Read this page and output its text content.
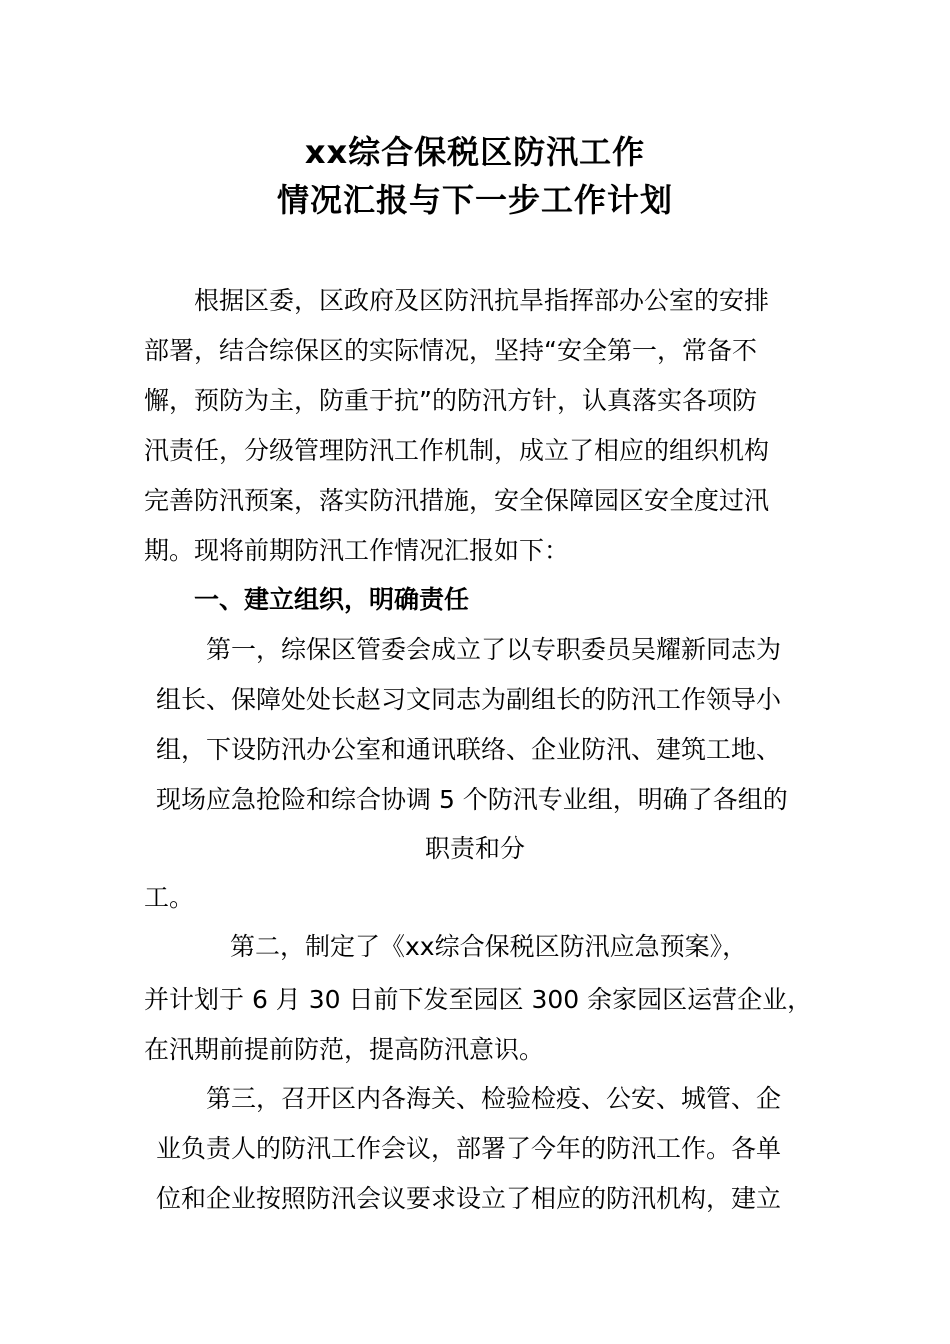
xx综合保税区防汛工作
情况汇报与下一步工作计划
根据区委，区政府及区防汛抗旱指挥部办公室的安排
部署，结合综保区的实际情况，坚持“安全第一，常备不
懈，预防为主，防重于抗”的防汛方针，认真落实各项防
汛责任，分级管理防汛工作机制，成立了相应的组织机构
完善防汛预案，落实防汛措施，安全保障园区安全度过汛
期。现将前期防汛工作情况汇报如下：
一、建立组织，明确责任
第一，综保区管委会成立了以专职委员吴耀新同志为
组长、保障处处长赵习文同志为副组长的防汛工作领导小
组，下设防汛办公室和通讯联络、企业防汛、建筑工地、
现场应急抢险和综合协调 5 个防汛专业组，明确了各组的
职责和分
工。
第二，制定了《xx综合保税区防汛应急预案》，
并计划于 6 月 30 日前下发至园区 300 余家园区运营企业，
在汛期前提前防范，提高防汛意识。
第三，召开区内各海关、检验检疫、公安、城管、企
业负责人的防汛工作会议，部署了今年的防汛工作。各单
位和企业按照防汛会议要求设立了相应的防汛机构，建立
